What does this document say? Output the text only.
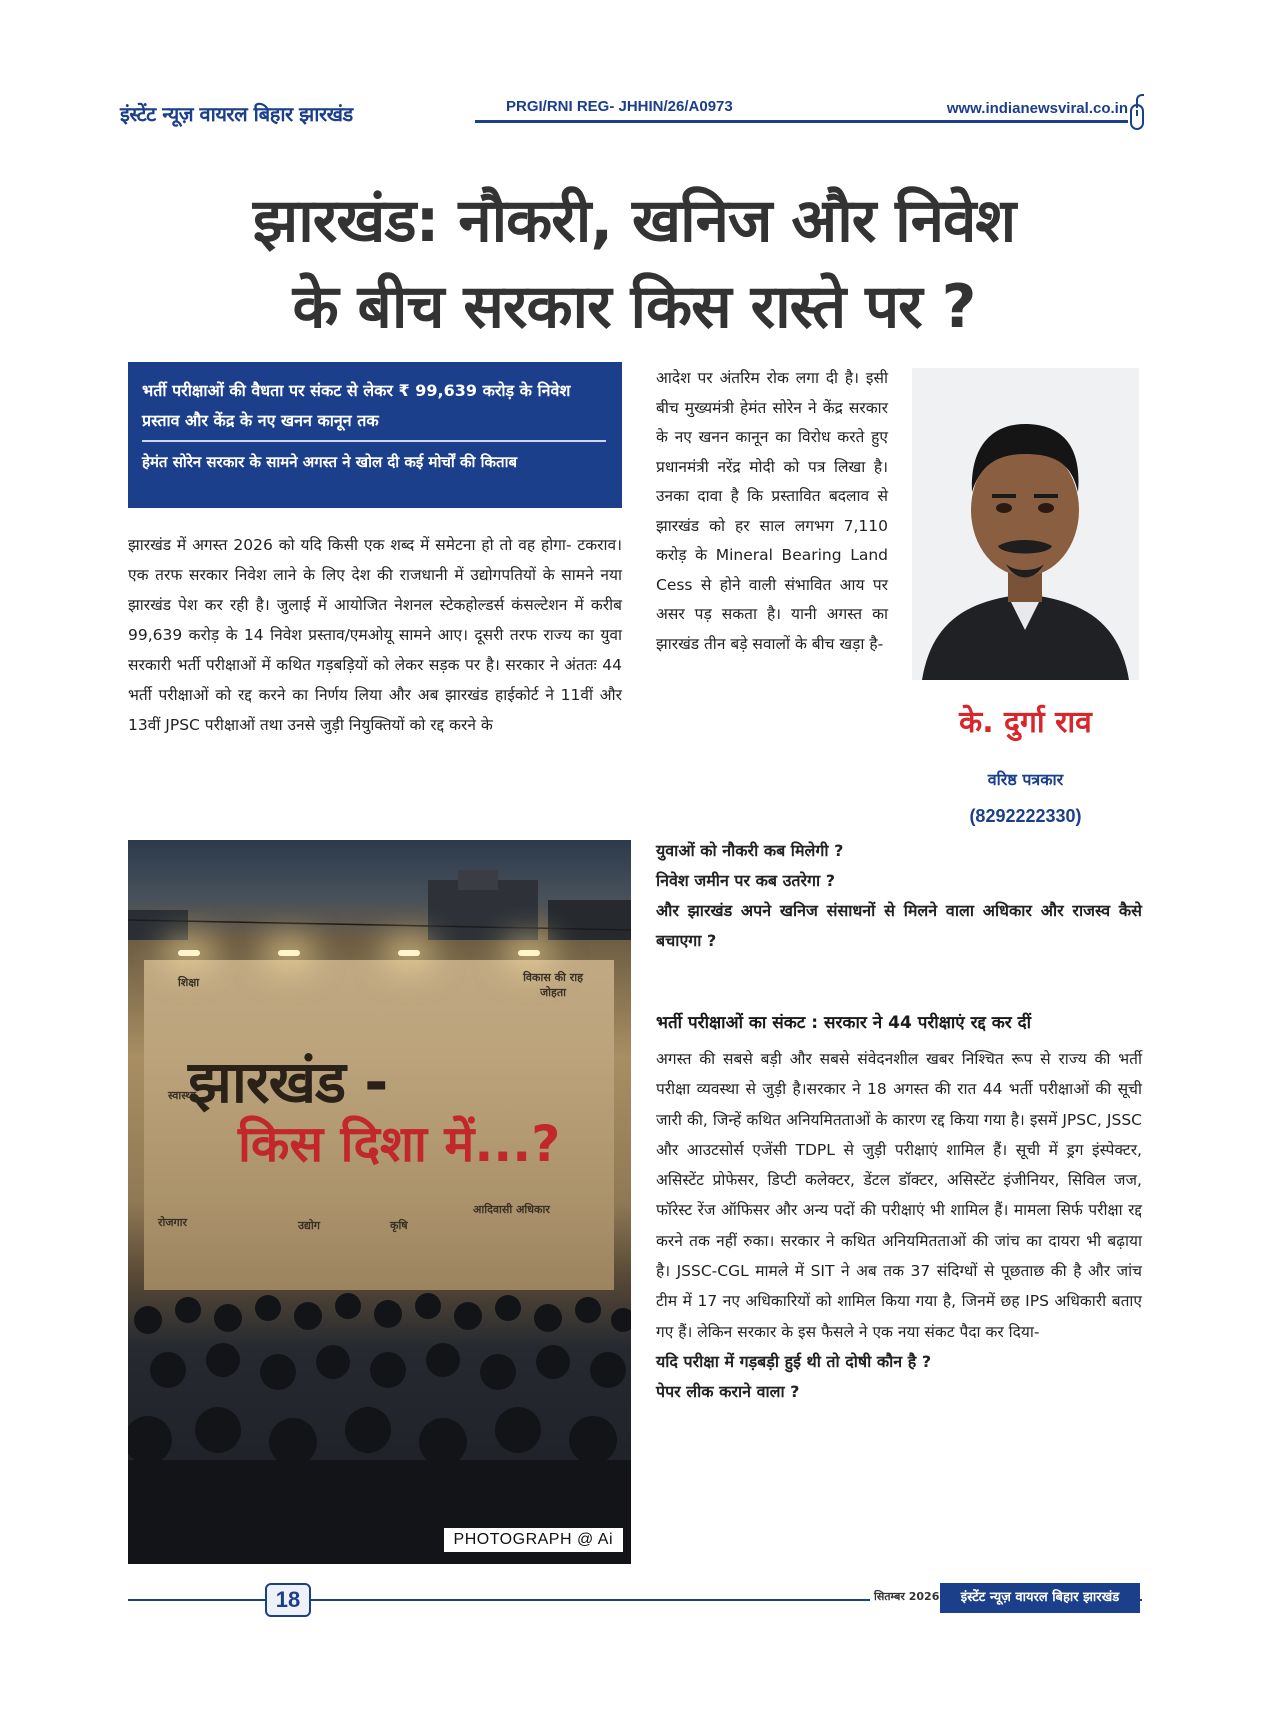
इंस्टेंट न्यूज़ वायरल बिहार झारखंड	PRGI/RNI REG- JHHIN/26/A0973	www.indianewsviral.co.in
झारखंड: नौकरी, खनिज और निवेश
के बीच सरकार किस रास्ते पर ?
भर्ती परीक्षाओं की वैधता पर संकट से लेकर ₹ 99,639 करोड़ के निवेश प्रस्ताव और केंद्र के नए खनन कानून तक
हेमंत सोरेन सरकार के सामने अगस्त ने खोल दी कई मोर्चों की किताब

झारखंड में अगस्त 2026 को यदि किसी एक शब्द में समेटना हो तो वह होगा- टकराव। एक तरफ सरकार निवेश लाने के लिए देश की राजधानी में उद्योगपतियों के सामने नया झारखंड पेश कर रही है। जुलाई में आयोजित नेशनल स्टेकहोल्डर्स कंसल्टेशन में करीब 99,639 करोड़ के 14 निवेश प्रस्ताव/एमओयू सामने आए। दूसरी तरफ राज्य का युवा सरकारी भर्ती परीक्षाओं में कथित गड़बड़ियों को लेकर सड़क पर है। सरकार ने अंततः 44 भर्ती परीक्षाओं को रद्द करने का निर्णय लिया और अब झारखंड हाईकोर्ट ने 11वीं और 13वीं JPSC परीक्षाओं तथा उनसे जुड़ी नियुक्तियों को रद्द करने के

आदेश पर अंतरिम रोक लगा दी है। इसी बीच मुख्यमंत्री हेमंत सोरेन ने केंद्र सरकार के नए खनन कानून का विरोध करते हुए प्रधानमंत्री नरेंद्र मोदी को पत्र लिखा है। उनका दावा है कि प्रस्तावित बदलाव से झारखंड को हर साल लगभग 7,110 करोड़ के Mineral Bearing Land Cess से होने वाली संभावित आय पर असर पड़ सकता है। यानी अगस्त का झारखंड तीन बड़े सवालों के बीच खड़ा है-

के. दुर्गा राव
वरिष्ठ पत्रकार
(8292222330)
युवाओं को नौकरी कब मिलेगी ?
निवेश जमीन पर कब उतरेगा ?
और झारखंड अपने खनिज संसाधनों से मिलने वाला अधिकार और राजस्व कैसे बचाएगा ?
भर्ती परीक्षाओं का संकट : सरकार ने 44 परीक्षाएं रद्द कर दीं

अगस्त की सबसे बड़ी और सबसे संवेदनशील खबर निश्चित रूप से राज्य की भर्ती परीक्षा व्यवस्था से जुड़ी है।सरकार ने 18 अगस्त की रात 44 भर्ती परीक्षाओं की सूची जारी की, जिन्हें कथित अनियमितताओं के कारण रद्द किया गया है। इसमें JPSC, JSSC और आउटसोर्स एजेंसी TDPL से जुड़ी परीक्षाएं शामिल हैं। सूची में ड्रग इंस्पेक्टर, असिस्टेंट प्रोफेसर, डिप्टी कलेक्टर, डेंटल डॉक्टर, असिस्टेंट इंजीनियर, सिविल जज, फॉरेस्ट रेंज ऑफिसर और अन्य पदों की परीक्षाएं भी शामिल हैं। मामला सिर्फ परीक्षा रद्द करने तक नहीं रुका। सरकार ने कथित अनियमितताओं की जांच का दायरा भी बढ़ाया है। JSSC-CGL मामले में SIT ने अब तक 37 संदिग्धों से पूछताछ की है और जांच टीम में 17 नए अधिकारियों को शामिल किया गया है, जिनमें छह IPS अधिकारी बताए गए हैं। लेकिन सरकार के इस फैसले ने एक नया संकट पैदा कर दिया-

यदि परीक्षा में गड़बड़ी हुई थी तो दोषी कौन है ?
पेपर लीक कराने वाला ?
शिक्षा	विकास की राह जोहता
स्वास्थ्य
रोजगार	उद्योग	कृषि
आदिवासी अधिकार
झारखंड -
किस दिशा में...?
PHOTOGRAPH @ Ai
18	सितम्बर 2026	इंस्टेंट न्यूज़ वायरल बिहार झारखंड
